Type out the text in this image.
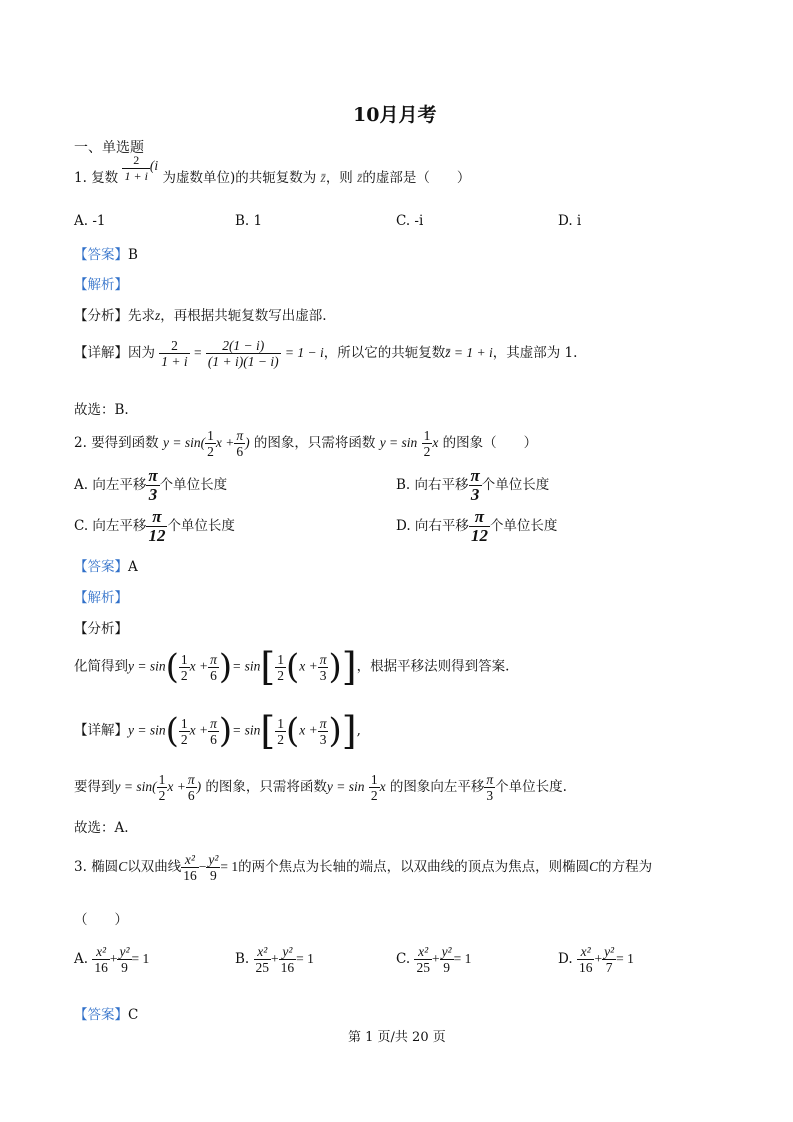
10月月考
一、单选题
1. 复数 $\frac{2}{1 + i} (i$ 为虚数单位)的共轭复数为 z̄，则 z̄的虚部是（　　）
A. -1	B. 1	C. -i	D. i
【答案】B
【解析】
【分析】先求z，再根据共轭复数写出虚部.
【详解】因为 $\frac{2}{1 + i} = \frac{2(1 - i)}{(1 + i)(1 - i)} = 1 - i$，所以它的共轭复数z̄ = 1 + i，其虚部为 1.
故选：B.
2. 要得到函数 $y = \sin( \frac{1}{2}$ $x + \frac{\pi}{6}$ ) 的图象，只需将函数 $y = \sin \frac{1}{2}$ x 的图象（　　）
A. 向左平移 $\frac{\pi}{3}$ 个单位长度	B. 向右平移 $\frac{\pi}{3}$ 个单位长度
C. 向左平移 $\frac{\pi}{12}$ 个单位长度	D. 向右平移 $\frac{\pi}{12}$ 个单位长度
【答案】A
【解析】
【分析】
化简得到$y = \sin( \frac{1}{2}$ $x + \frac{\pi}{6}$ )= $\sin[ \frac{1}{2} (x + \frac{\pi}{3}$ )]，根据平移法则得到答案.
【详解】$y = \sin( \frac{1}{2}$ $x + \frac{\pi}{6}$ )= $\sin[ \frac{1}{2} (x + \frac{\pi}{3}$ )],
要得到$y = \sin( \frac{1}{2}$ $x + \frac{\pi}{6}$ ) 的图象，只需将函数$y = \sin \frac{1}{2}$ x 的图象向左平移 $\frac{\pi}{3}$ 个单位长度.
故选：A.
3. 椭圆C以双曲线 $\frac{\text{x²}}{16} - \frac{\text{y²}}{9} = 1$的两个焦点为长轴的端点，以双曲线的顶点为焦点，则椭圆C的方程为
（　　）
A. $\frac{\text{x²}}{16} + \frac{\text{y²}}{9} = 1$	B. $\frac{\text{x²}}{25} + \frac{\text{y²}}{16} = 1$	C. $\frac{\text{x²}}{25} + \frac{\text{y²}}{9} = 1$	D. $\frac{\text{x²}}{16} + \frac{\text{y²}}{7} = 1$
【答案】C
第 1 页/共 20 页
